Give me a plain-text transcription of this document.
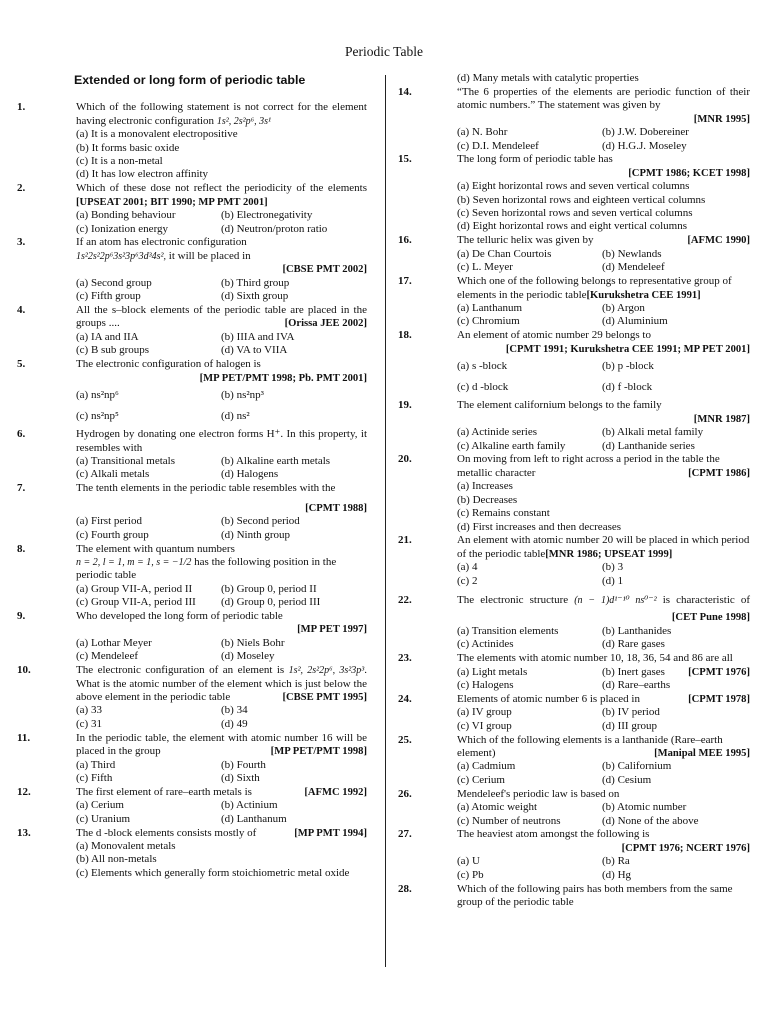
Periodic Table
Extended or long form of periodic table
1.	Which of the following statement is not correct for the element having electronic configuration 1s², 2s²p⁶, 3s¹
(a) It is a monovalent electropositive
(b) It forms basic oxide
(c) It is a non-metal
(d) It has low electron affinity
2.	Which of these dose not reflect the periodicity of the elements [UPSEAT 2001; BIT 1990; MP PMT 2001]
(a) Bonding behaviour	(b) Electronegativity
(c) Ionization energy	(d) Neutron/proton ratio
3.	If an atom has electronic configuration
1s²2s²2p⁶3s²3p⁶3d³4s², it will be placed in
[CBSE PMT 2002]
(a) Second group	(b) Third group
(c) Fifth group	(d) Sixth group
4.	All the s–block elements of the periodic table are placed in the groups ....	[Orissa JEE 2002]
(a) IA and IIA	(b) IIIA and IVA
(c) B sub groups	(d) VA to VIIA
5.	The electronic configuration of halogen is
[MP PET/PMT 1998; Pb. PMT 2001]
(a) ns²np⁶	(b) ns²np³
(c) ns²np⁵	(d) ns²
6.	Hydrogen by donating one electron forms H⁺. In this property, it resembles with
(a) Transitional metals	(b) Alkaline earth metals
(c) Alkali metals	(d) Halogens
7.	The tenth elements in the periodic table resembles with the
[CPMT 1988]
(a) First period	(b) Second period
(c) Fourth group	(d) Ninth group
8.	The element with quantum numbers
n = 2, l = 1, m = 1, s = −1/2 has the following position in the periodic table
(a) Group VII-A, period II	(b) Group 0, period II
(c) Group VII-A, period III	(d) Group 0, period III
9.	Who developed the long form of periodic table
[MP PET 1997]
(a) Lothar Meyer	(b) Niels Bohr
(c) Mendeleef	(d) Moseley
10.	The electronic configuration of an element is 1s², 2s²2p⁶, 3s²3p³. What is the atomic number of the element which is just below the above element in the periodic table	[CBSE PMT 1995]
(a) 33	(b) 34
(c) 31	(d) 49
11.	In the periodic table, the element with atomic number 16 will be placed in the group	[MP PET/PMT 1998]
(a) Third	(b) Fourth
(c) Fifth	(d) Sixth
12.	The first element of rare–earth metals is	[AFMC 1992]
(a) Cerium	(b) Actinium
(c) Uranium	(d) Lanthanum
13.	The d -block elements consists mostly of	[MP PMT 1994]
(a) Monovalent metals
(b) All non-metals
(c) Elements which generally form stoichiometric metal oxide
(d) Many metals with catalytic properties
14.	“The 6 properties of the elements are periodic function of their atomic numbers.” The statement was given by
[MNR 1995]
(a) N. Bohr	(b) J.W. Dobereiner
(c) D.I. Mendeleef	(d) H.G.J. Moseley
15.	The long form of periodic table has
[CPMT 1986; KCET 1998]
(a) Eight horizontal rows and seven vertical columns
(b) Seven horizontal rows and eighteen vertical columns
(c) Seven horizontal rows and seven vertical columns
(d) Eight horizontal rows and eight vertical columns
16.	The telluric helix was given by	[AFMC 1990]
(a) De Chan Courtois	(b) Newlands
(c) L. Meyer	(d) Mendeleef
17.	Which one of the following belongs to representative group of elements in the periodic table[Kurukshetra CEE 1991]
(a) Lanthanum	(b) Argon
(c) Chromium	(d) Aluminium
18.	An element of atomic number 29 belongs to
[CPMT 1991; Kurukshetra CEE 1991; MP PET 2001]
(a) s -block	(b) p -block
(c) d -block	(d) f -block
19.	The element californium belongs to the family
[MNR 1987]
(a) Actinide series	(b) Alkali metal family
(c) Alkaline earth family	(d) Lanthanide series
20.	On moving from left to right across a period in the table the metallic character	[CPMT 1986]
(a) Increases
(b) Decreases
(c) Remains constant
(d) First increases and then decreases
21.	An element with atomic number 20 will be placed in which period of the periodic table[MNR 1986; UPSEAT 1999]
(a) 4	(b) 3
(c) 2	(d) 1
22.	The electronic structure (n − 1)d¹⁻¹⁰ ns⁰⁻² is characteristic of
[CET Pune 1998]
(a) Transition elements	(b) Lanthanides
(c) Actinides	(d) Rare gases
23.	The elements with atomic number 10, 18, 36, 54 and 86 are all
[CPMT 1976]
(a) Light metals	(b) Inert gases
(c) Halogens	(d) Rare–earths
24.	Elements of atomic number 6 is placed in	[CPMT 1978]
(a) IV group	(b) IV period
(c) VI group	(d) III group
25.	Which of the following elements is a lanthanide (Rare–earth element)	[Manipal MEE 1995]
(a) Cadmium	(b) Californium
(c) Cerium	(d) Cesium
26.	Mendeleef's periodic law is based on
(a) Atomic weight	(b) Atomic number
(c) Number of neutrons	(d) None of the above
27.	The heaviest atom amongst the following is
[CPMT 1976; NCERT 1976]
(a) U	(b) Ra
(c) Pb	(d) Hg
28.	Which of the following pairs has both members from the same group of the periodic table
